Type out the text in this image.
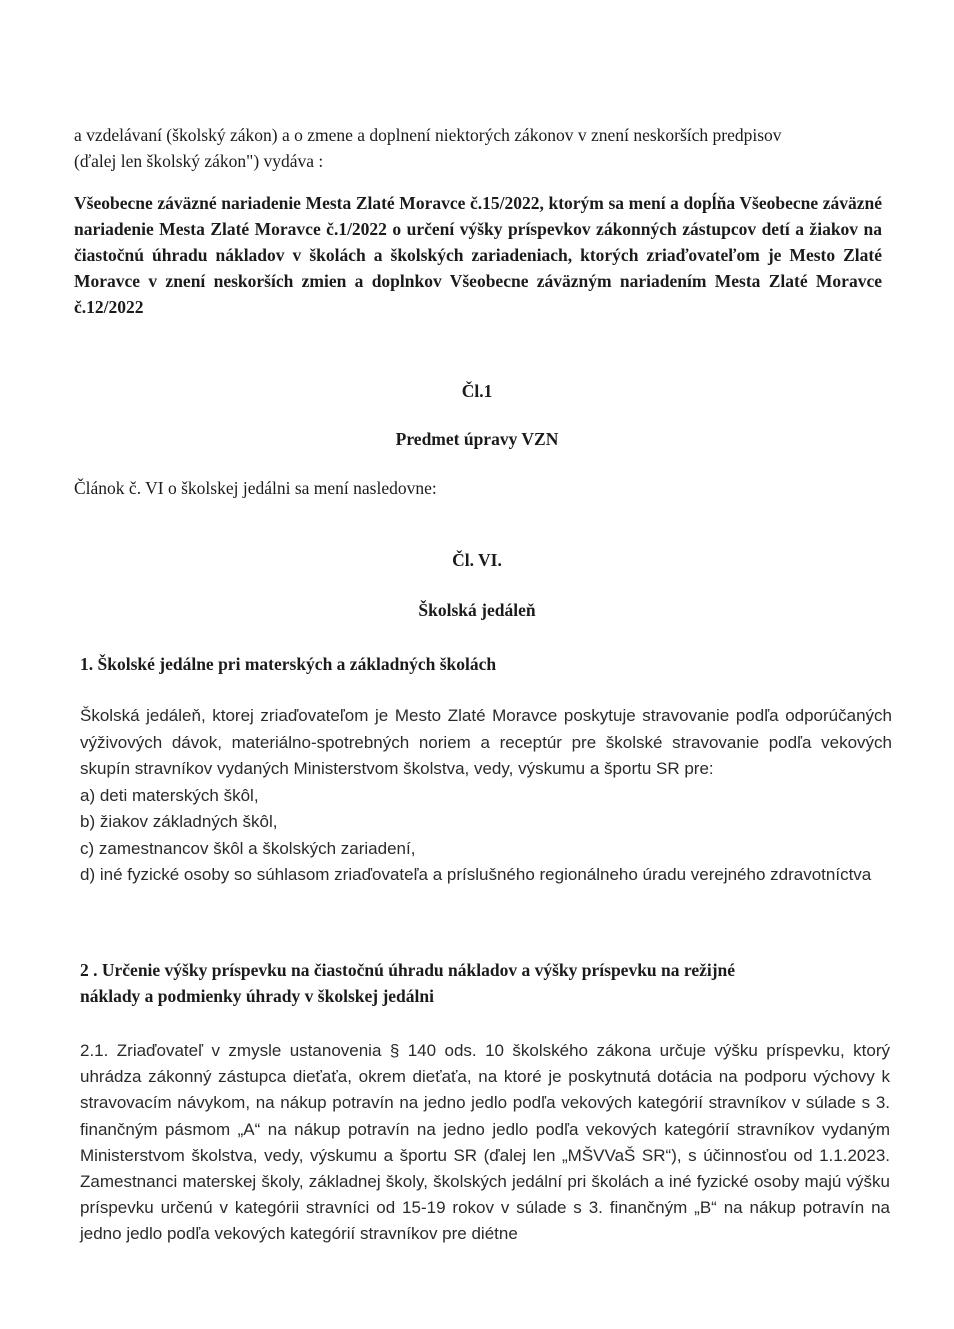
a vzdelávaní (školský zákon) a o zmene a doplnení niektorých zákonov v znení neskorších predpisov

(ďalej len školský zákon") vydáva :

Všeobecne záväzné nariadenie Mesta Zlaté Moravce č.15/2022, ktorým sa mení a dopĺňa Všeobecne záväzné nariadenie Mesta Zlaté Moravce č.1/2022 o určení výšky príspevkov zákonných zástupcov detí a žiakov na čiastočnú úhradu nákladov v školách a školských zariadeniach, ktorých zriaďovateľom je Mesto Zlaté Moravce v znení neskorších zmien a doplnkov Všeobecne záväzným nariadením Mesta Zlaté Moravce č.12/2022
Čl.1
Predmet úpravy VZN
Článok č. VI o školskej jedálni sa mení nasledovne:
Čl. VI.
Školská jedáleň
1. Školské jedálne pri materských a základných školách

Školská jedáleň, ktorej zriaďovateľom je Mesto Zlaté Moravce poskytuje stravovanie podľa odporúčaných výživových dávok, materiálno-spotrebných noriem a receptúr pre školské stravovanie podľa vekových skupín stravníkov vydaných Ministerstvom školstva, vedy, výskumu a športu SR pre:

a) deti materských škôl,
b) žiakov základných škôl,
c) zamestnancov škôl a školských zariadení,
d) iné fyzické osoby so súhlasom zriaďovateľa a príslušného regionálneho úradu verejného zdravotníctva
2 . Určenie výšky príspevku na čiastočnú úhradu nákladov a výšky príspevku na režijné
náklady a podmienky úhrady v školskej jedálni
2.1. Zriaďovateľ v zmysle ustanovenia § 140 ods. 10 školského zákona určuje výšku príspevku, ktorý uhrádza zákonný zástupca dieťaťa, okrem dieťaťa, na ktoré je poskytnutá dotácia na podporu výchovy k stravovacím návykom, na nákup potravín na jedno jedlo podľa vekových kategórií stravníkov v súlade s 3. finančným pásmom „A“ na nákup potravín na jedno jedlo podľa vekových kategórií stravníkov vydaným Ministerstvom školstva, vedy, výskumu a športu SR (ďalej len „MŠVVaŠ SR“), s účinnosťou od 1.1.2023. Zamestnanci materskej školy, základnej školy, školských jedální pri školách a iné fyzické osoby majú výšku príspevku určenú v kategórii stravníci od 15-19 rokov v súlade s 3. finančným „B“ na nákup potravín na jedno jedlo podľa vekových kategórií stravníkov pre diétne
